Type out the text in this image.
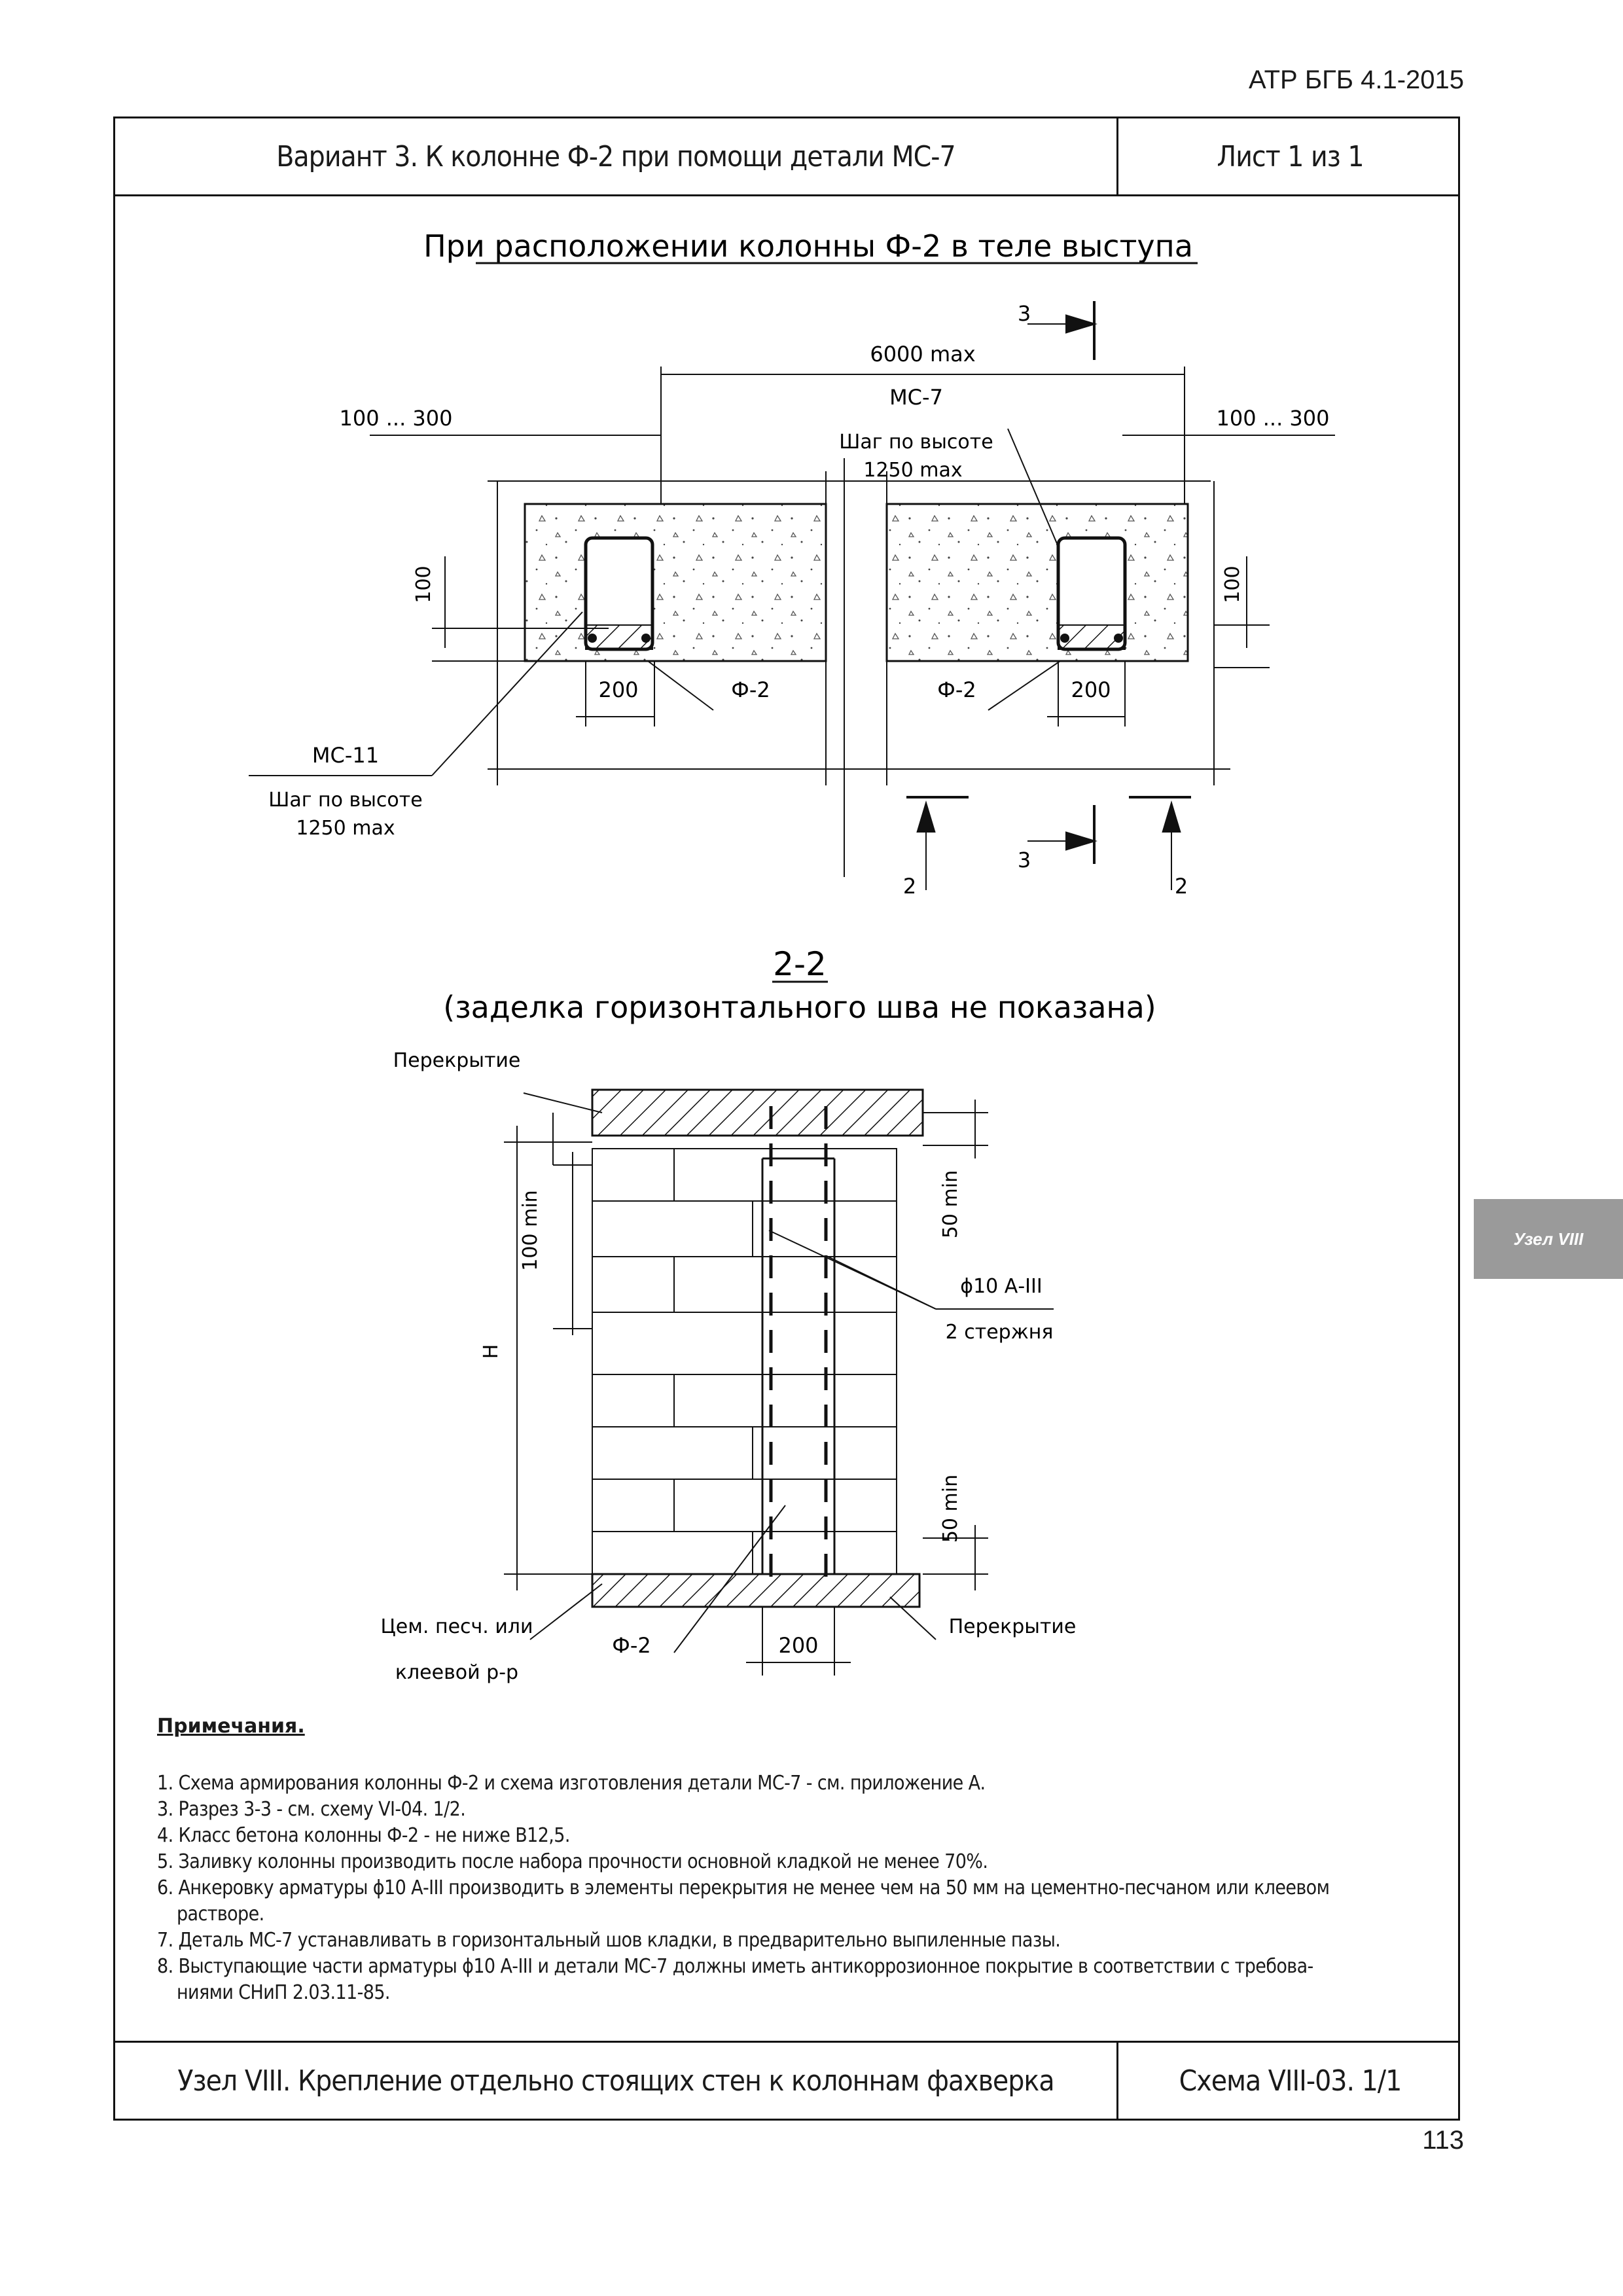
АТР БГБ 4.1-2015
Вариант 3. К колонне Ф-2 при помощи детали МС-7	Лист 1 из 1
Узел VIII. Крепление отдельно стоящих стен к колоннам фахверка	Схема VIII-03. 1/1
Узел VIII
При расположении колонны Ф-2 в теле выступа
6000 max
100 ... 300	100 ... 300
МС-7
Шаг по высоте
1250 max
100	100
200	200
Ф-2	Ф-2
МС-11
Шаг по высоте
1250 max
3
3
2	2
2-2
(заделка горизонтального шва не показана)
Перекрытие
Перекрытие
100 min	50 min
50 min
Н
ϕ10 А-III
2 стержня
Цем. песч. или
клеевой р-р
Ф-2	200
Примечания.
1. Схема армирования колонны Ф-2 и схема изготовления детали МС-7 - см. приложение А.
3. Разрез 3-3 - см. схему VI-04. 1/2.
4. Класс бетона колонны Ф-2 - не ниже В12,5.
5. Заливку колонны производить после набора прочности основной кладкой не менее 70%.
6. Анкеровку арматуры ϕ10 А-III производить в элементы перекрытия не менее чем на 50 мм на цементно-песчаном или клеевом
растворе.
7. Деталь МС-7 устанавливать в горизонтальный шов кладки, в предварительно выпиленные пазы.
8. Выступающие части арматуры ϕ10 А-III и детали МС-7 должны иметь антикоррозионное покрытие в соответствии с требова-
ниями СНиП 2.03.11-85.
113
